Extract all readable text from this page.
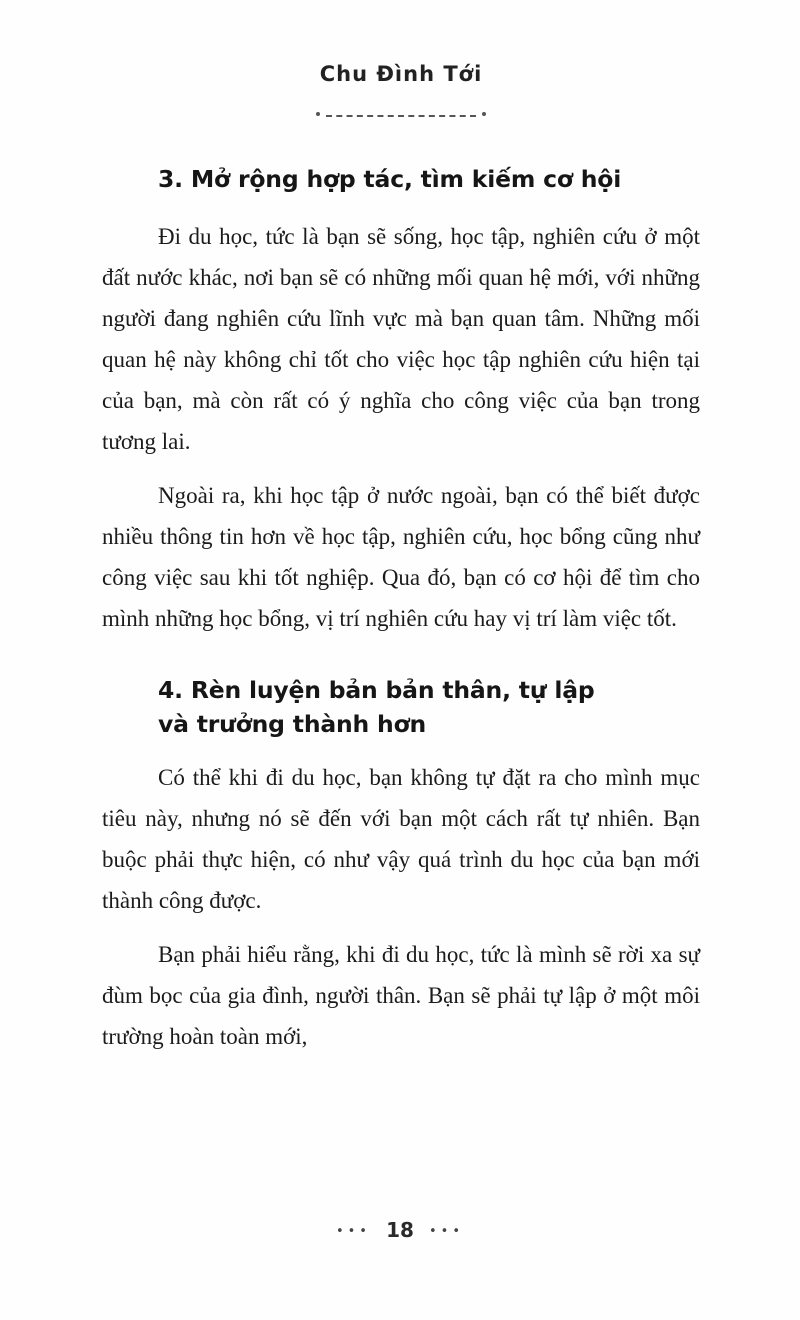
Chu Đình Tới

3. Mở rộng hợp tác, tìm kiếm cơ hội

Đi du học, tức là bạn sẽ sống, học tập, nghiên cứu ở một đất nước khác, nơi bạn sẽ có những mối quan hệ mới, với những người đang nghiên cứu lĩnh vực mà bạn quan tâm. Những mối quan hệ này không chỉ tốt cho việc học tập nghiên cứu hiện tại của bạn, mà còn rất có ý nghĩa cho công việc của bạn trong tương lai.

Ngoài ra, khi học tập ở nước ngoài, bạn có thể biết được nhiều thông tin hơn về học tập, nghiên cứu, học bổng cũng như công việc sau khi tốt nghiệp. Qua đó, bạn có cơ hội để tìm cho mình những học bổng, vị trí nghiên cứu hay vị trí làm việc tốt.

4. Rèn luyện bản bản thân, tự lập
và trưởng thành hơn

Có thể khi đi du học, bạn không tự đặt ra cho mình mục tiêu này, nhưng nó sẽ đến với bạn một cách rất tự nhiên. Bạn buộc phải thực hiện, có như vậy quá trình du học của bạn mới thành công được.

Bạn phải hiểu rằng, khi đi du học, tức là mình sẽ rời xa sự đùm bọc của gia đình, người thân. Bạn sẽ phải tự lập ở một môi trường hoàn toàn mới,

••• 18 •••
